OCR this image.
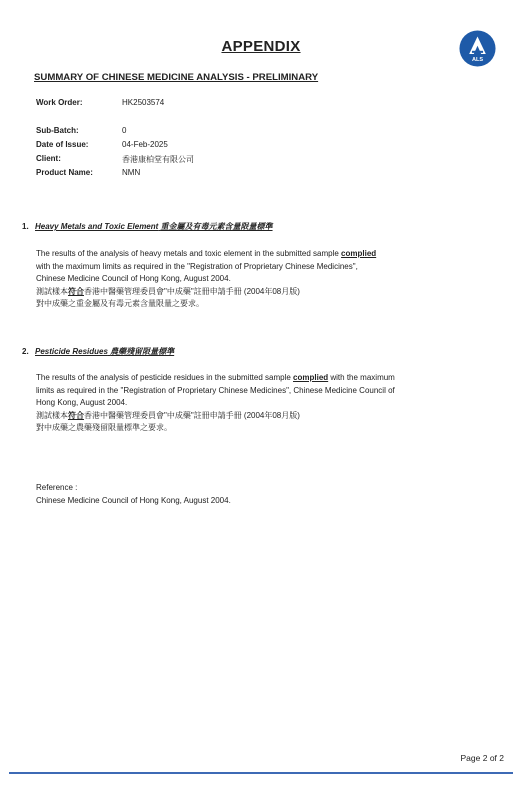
APPENDIX
ALS
SUMMARY OF CHINESE MEDICINE ANALYSIS - PRELIMINARY
Work Order:	HK2503574
Sub-Batch:	0
Date of Issue:	04-Feb-2025
Client:	香港康柏堂有限公司
Product Name:	NMN
1. Heavy Metals and Toxic Element 重金屬及有毒元素含量限量標準
The results of the analysis of heavy metals and toxic element in the submitted sample complied
with the maximum limits as required in the "Registration of Proprietary Chinese Medicines",
Chinese Medicine Council of Hong Kong, August 2004.
測試樣本符合香港中醫藥管理委員會"中成藥"註冊申請手冊 (2004年08月版)
對中成藥之重金屬及有毒元素含量限量之要求。
2. Pesticide Residues 農藥殘留限量標準
The results of the analysis of pesticide residues in the submitted sample complied with the maximum
limits as required in the "Registration of Proprietary Chinese Medicines", Chinese Medicine Council of
Hong Kong, August 2004.
測試樣本符合香港中醫藥管理委員會"中成藥"註冊申請手冊 (2004年08月版)
對中成藥之農藥殘留限量標準之要求。
Reference :
Chinese Medicine Council of Hong Kong, August 2004.
Page 2 of 2
